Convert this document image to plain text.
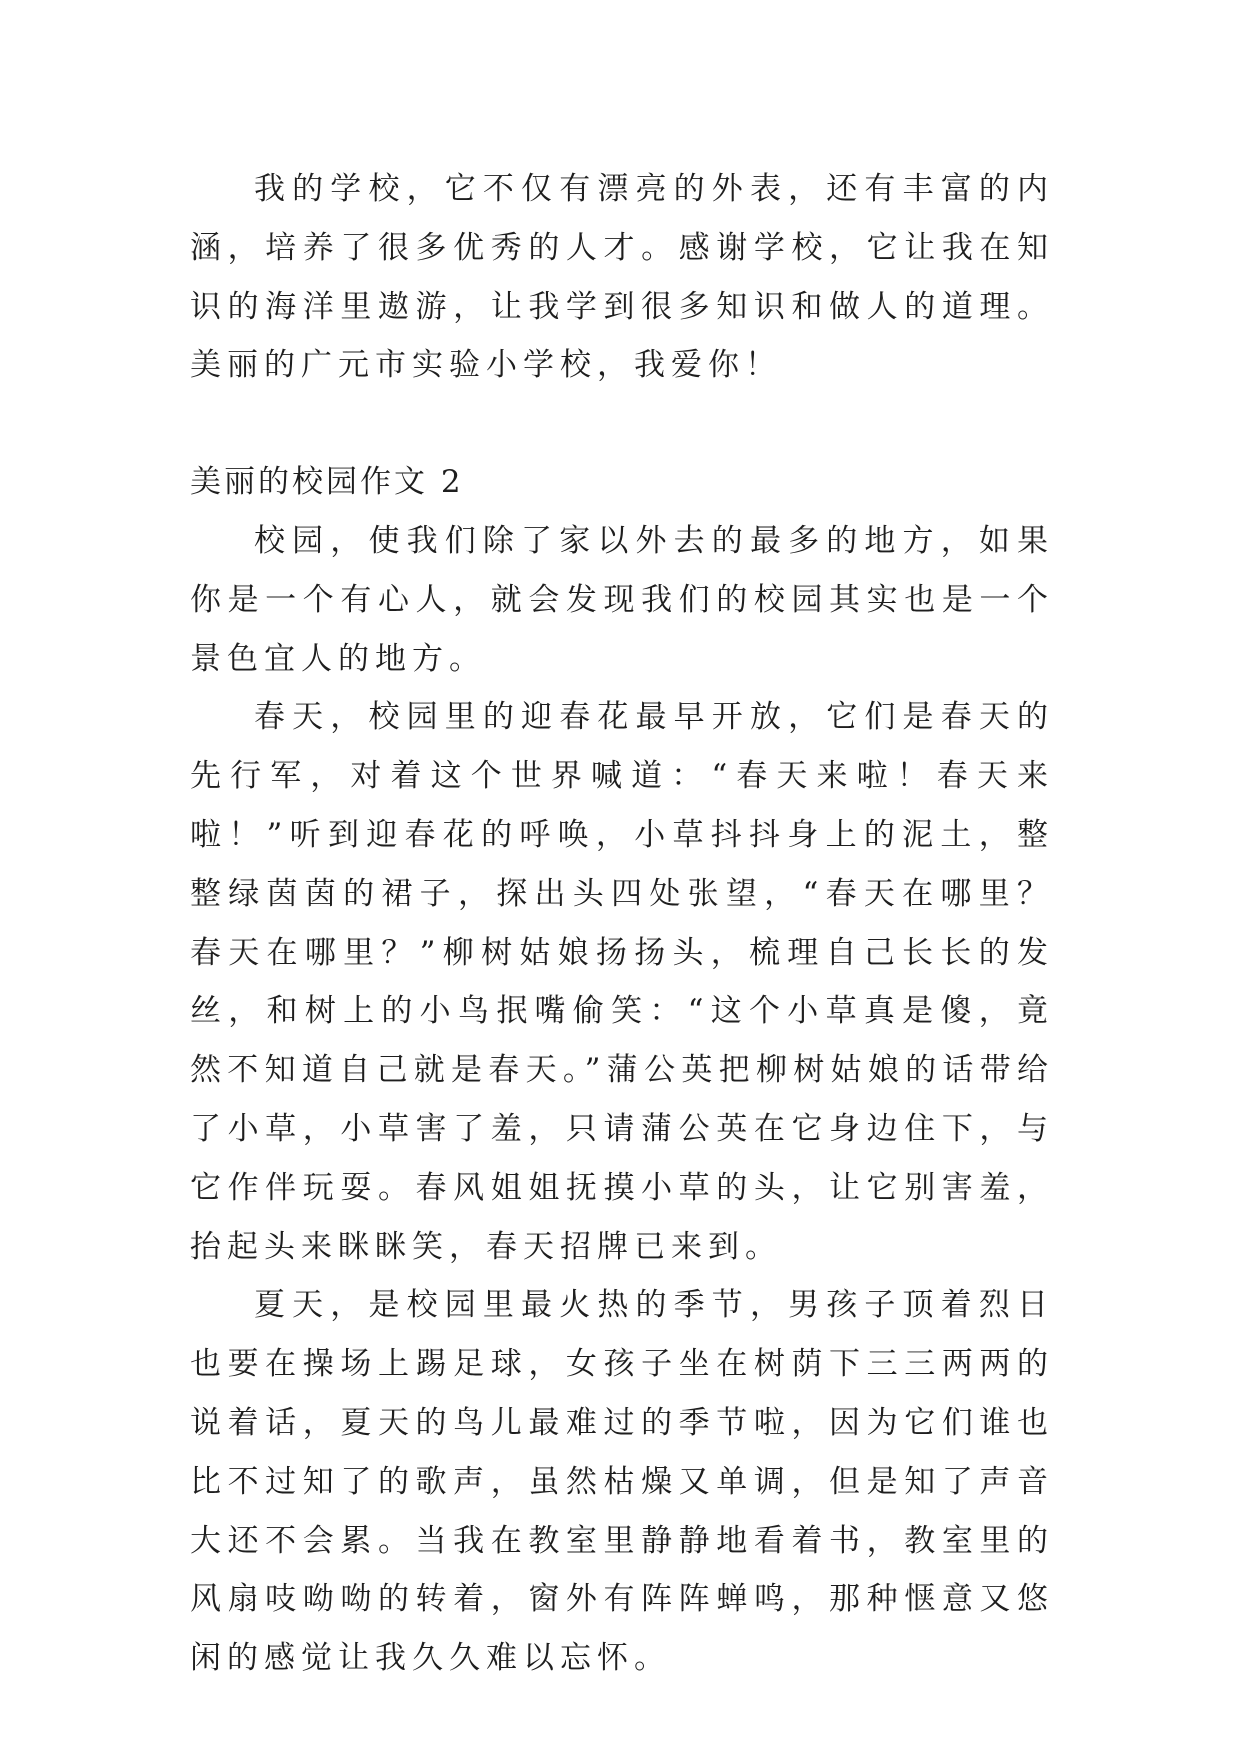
我的学校，它不仅有漂亮的外表，还有丰富的内涵，培养了很多优秀的人才。感谢学校，它让我在知识的海洋里遨游，让我学到很多知识和做人的道理。美丽的广元市实验小学校，我爱你！

美丽的校园作文 2

校园，使我们除了家以外去的最多的地方，如果你是一个有心人，就会发现我们的校园其实也是一个景色宜人的地方。

春天，校园里的迎春花最早开放，它们是春天的先行军，对着这个世界喊道：“春天来啦！春天来啦！”听到迎春花的呼唤，小草抖抖身上的泥土，整整绿茵茵的裙子，探出头四处张望，“春天在哪里？春天在哪里？”柳树姑娘扬扬头，梳理自己长长的发丝，和树上的小鸟抿嘴偷笑：“这个小草真是傻，竟然不知道自己就是春天。”蒲公英把柳树姑娘的话带给了小草，小草害了羞，只请蒲公英在它身边住下，与它作伴玩耍。春风姐姐抚摸小草的头，让它别害羞，抬起头来眯眯笑，春天招牌已来到。

夏天，是校园里最火热的季节，男孩子顶着烈日也要在操场上踢足球，女孩子坐在树荫下三三两两的说着话，夏天的鸟儿最难过的季节啦，因为它们谁也比不过知了的歌声，虽然枯燥又单调，但是知了声音大还不会累。当我在教室里静静地看着书，教室里的风扇吱呦呦的转着，窗外有阵阵蝉鸣，那种惬意又悠闲的感觉让我久久难以忘怀。
